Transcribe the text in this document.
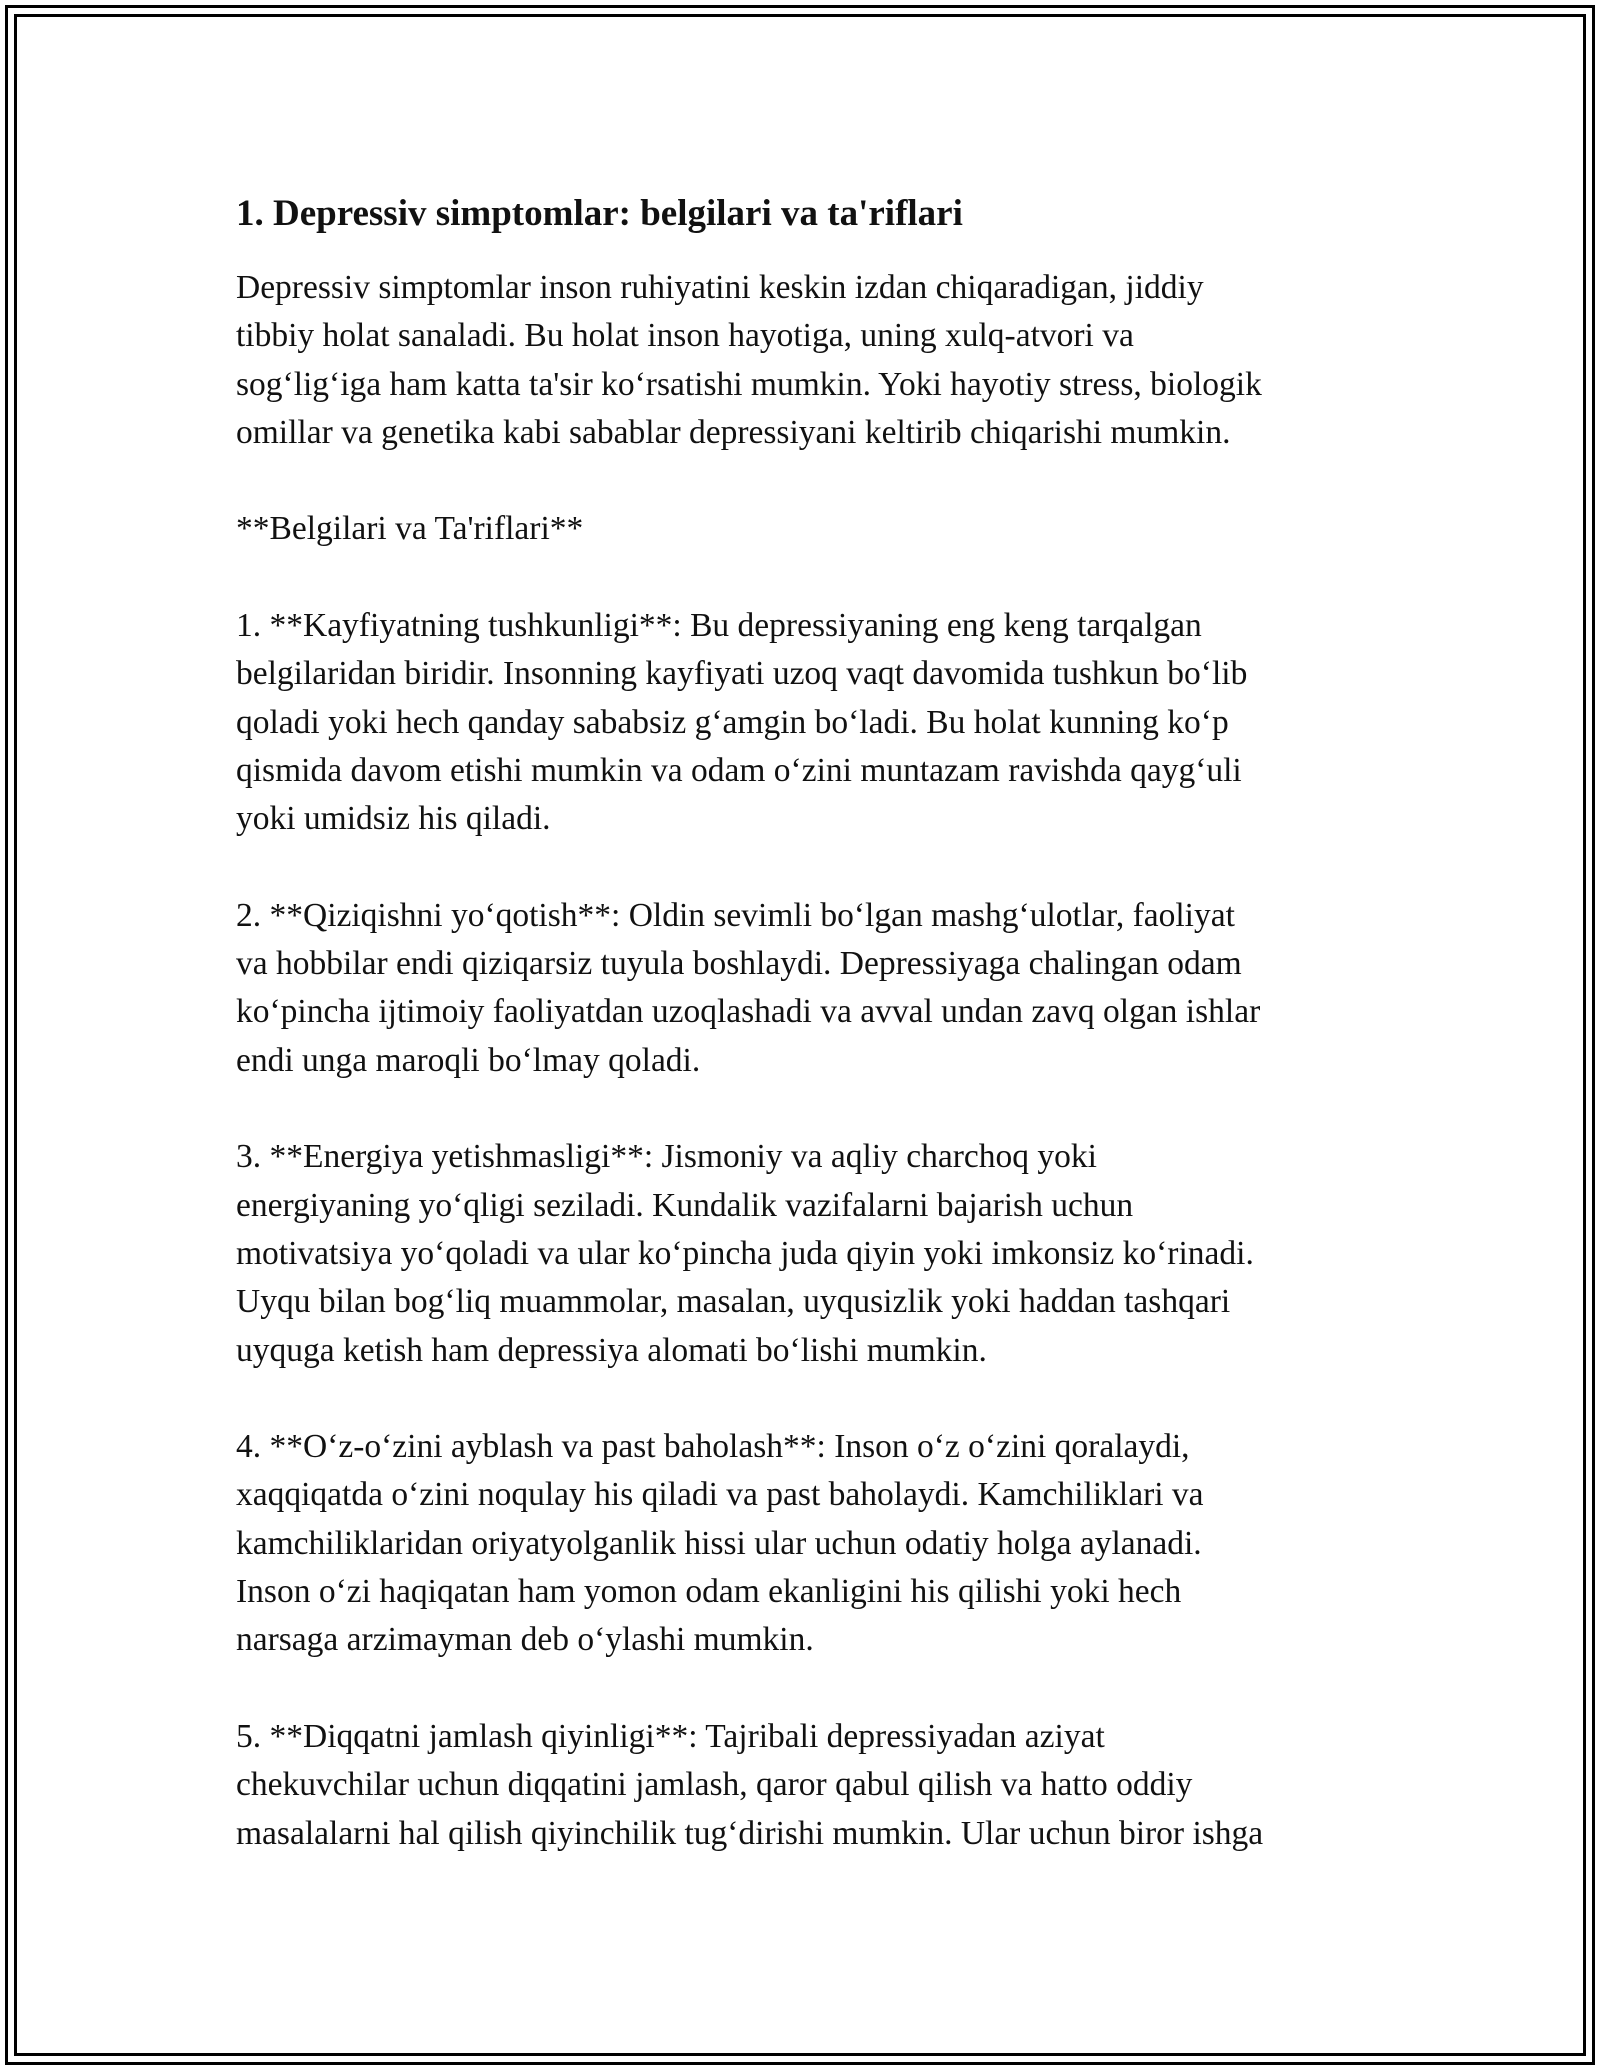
1. Depressiv simptomlar: belgilari va ta'riflari
Depressiv simptomlar inson ruhiyatini keskin izdan chiqaradigan, jiddiy
tibbiy holat sanaladi. Bu holat inson hayotiga, uning xulq-atvori va
sog‘lig‘iga ham katta ta'sir ko‘rsatishi mumkin. Yoki hayotiy stress, biologik
omillar va genetika kabi sabablar depressiyani keltirib chiqarishi mumkin.
**Belgilari va Ta'riflari**
1. **Kayfiyatning tushkunligi**: Bu depressiyaning eng keng tarqalgan
belgilaridan biridir. Insonning kayfiyati uzoq vaqt davomida tushkun bo‘lib
qoladi yoki hech qanday sababsiz g‘amgin bo‘ladi. Bu holat kunning ko‘p
qismida davom etishi mumkin va odam o‘zini muntazam ravishda qayg‘uli
yoki umidsiz his qiladi.
2. **Qiziqishni yo‘qotish**: Oldin sevimli bo‘lgan mashg‘ulotlar, faoliyat
va hobbilar endi qiziqarsiz tuyula boshlaydi. Depressiyaga chalingan odam
ko‘pincha ijtimoiy faoliyatdan uzoqlashadi va avval undan zavq olgan ishlar
endi unga maroqli bo‘lmay qoladi.
3. **Energiya yetishmasligi**: Jismoniy va aqliy charchoq yoki
energiyaning yo‘qligi seziladi. Kundalik vazifalarni bajarish uchun
motivatsiya yo‘qoladi va ular ko‘pincha juda qiyin yoki imkonsiz ko‘rinadi.
Uyqu bilan bog‘liq muammolar, masalan, uyqusizlik yoki haddan tashqari
uyquga ketish ham depressiya alomati bo‘lishi mumkin.
4. **O‘z-o‘zini ayblash va past baholash**: Inson o‘z o‘zini qoralaydi,
xaqqiqatda o‘zini noqulay his qiladi va past baholaydi. Kamchiliklari va
kamchiliklaridan oriyatyolganlik hissi ular uchun odatiy holga aylanadi.
Inson o‘zi haqiqatan ham yomon odam ekanligini his qilishi yoki hech
narsaga arzimayman deb o‘ylashi mumkin.
5. **Diqqatni jamlash qiyinligi**: Tajribali depressiyadan aziyat
chekuvchilar uchun diqqatini jamlash, qaror qabul qilish va hatto oddiy
masalalarni hal qilish qiyinchilik tug‘dirishi mumkin. Ular uchun biror ishga
